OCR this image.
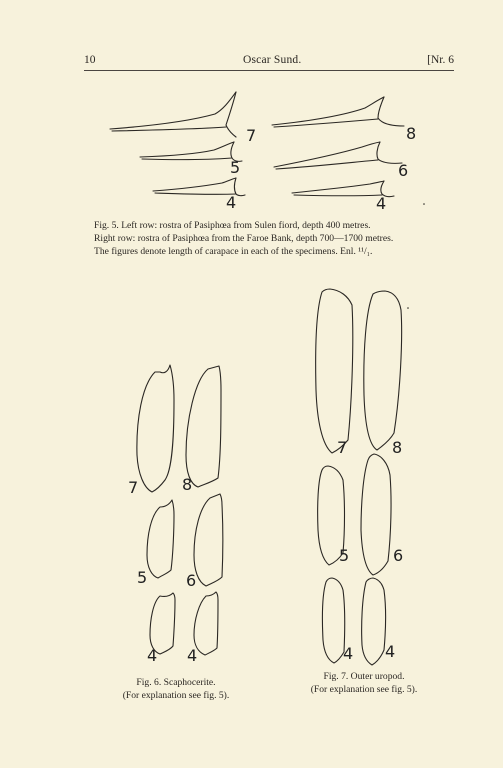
10	Oscar Sund.	[Nr. 6
7
5
4
8
6
4
Fig. 5. Left row: rostra of Pasiphœa from Sulen fiord, depth 400 metres.
Right row: rostra of Pasiphœa from the Faroe Bank, depth 700—1700 metres.
The figures denote length of carapace in each of the specimens. Enl. ¹¹/₁.
7	8
5 6
4 4
Fig. 6. Scaphocerite.
(For explanation see fig. 5).
7	8
5	6
4 4
Fig. 7. Outer uropod.
(For explanation see fig. 5).
